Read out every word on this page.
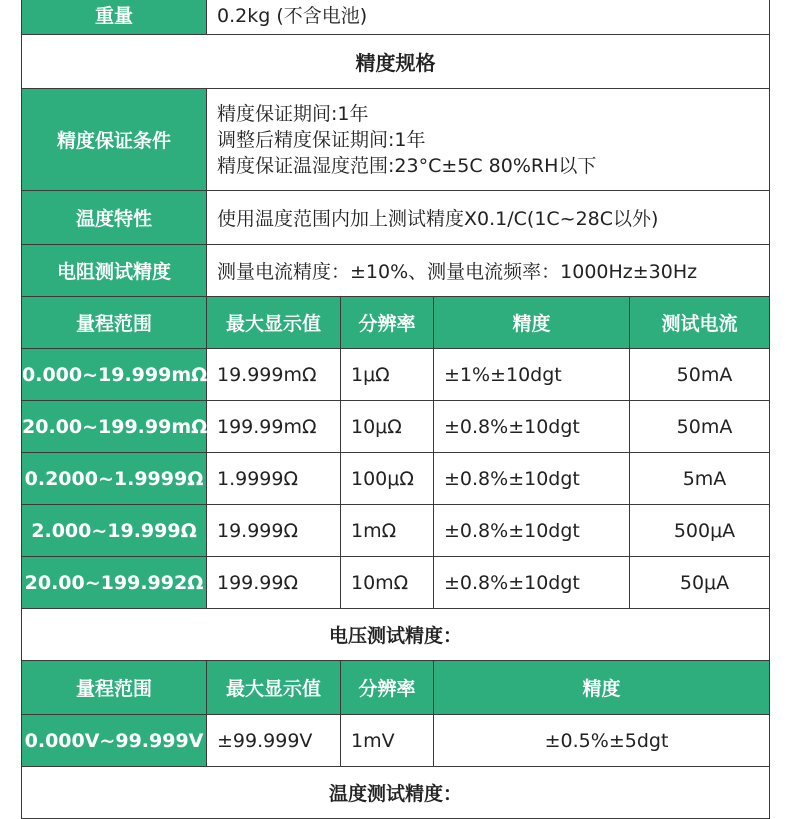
重量	0.2kg (不含电池)			
精度规格				
精度保证条件	精度保证期间:1年
调整后精度保证期间:1年
精度保证温湿度范围:23°C±5C 80%RH以下			

温度特性	使用温度范围内加上测试精度X0.1/C(1C~28C以外)			
电阻测试精度	测量电流精度：±10%、测量电流频率：1000Hz±30Hz			
量程范围	最大显示值	分辨率	精度	测试电流
0.000~19.999mΩ	19.999mΩ	1μΩ	±1%±10dgt	50mA
20.00~199.99mΩ	199.99mΩ	10μΩ	±0.8%±10dgt	50mA
0.2000~1.9999Ω	1.9999Ω	100μΩ	±0.8%±10dgt	5mA
2.000~19.999Ω	19.999Ω	1mΩ	±0.8%±10dgt	500μA
20.00~199.992Ω	199.99Ω	10mΩ	±0.8%±10dgt	50μA
电压测试精度：				
量程范围	最大显示值	分辨率	精度	
0.000V~99.999V	±99.999V	1mV	±0.5%±5dgt	
温度测试精度：				
